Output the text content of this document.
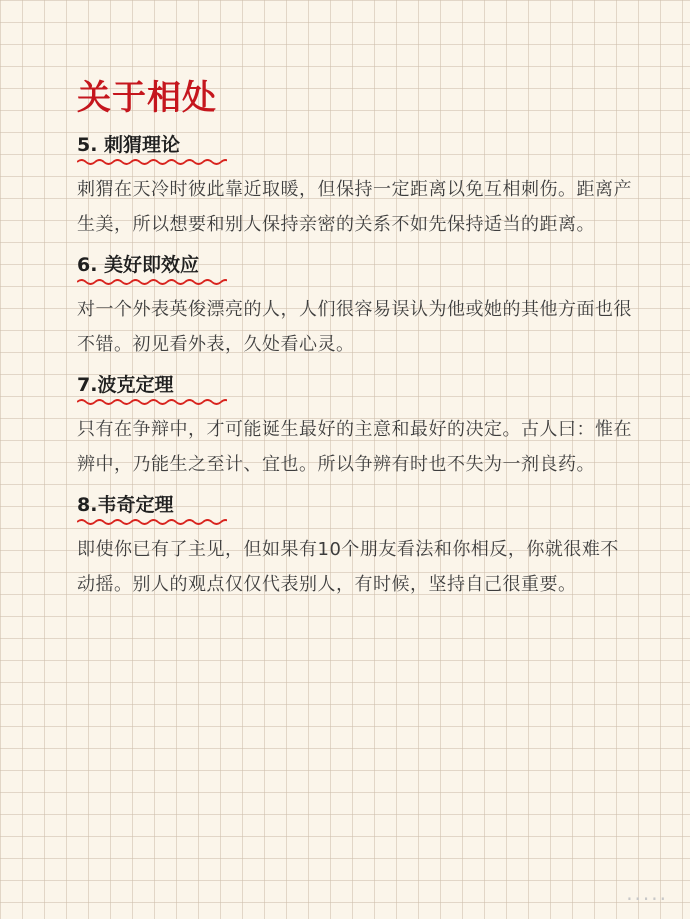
关于相处
5. 刺猬理论

刺猬在天冷时彼此靠近取暖，但保持一定距离以免互相刺伤。距离产生美，所以想要和别人保持亲密的关系不如先保持适当的距离。

6. 美好即效应

对一个外表英俊漂亮的人，人们很容易误认为他或她的其他方面也很不错。初见看外表，久处看心灵。

7.波克定理

只有在争辩中，才可能诞生最好的主意和最好的决定。古人曰：惟在辨中，乃能生之至计、宜也。所以争辨有时也不失为一剂良药。

8.韦奇定理

即使你已有了主见，但如果有10个朋友看法和你相反，你就很难不动摇。别人的观点仅仅代表别人，有时候，坚持自己很重要。

·····
